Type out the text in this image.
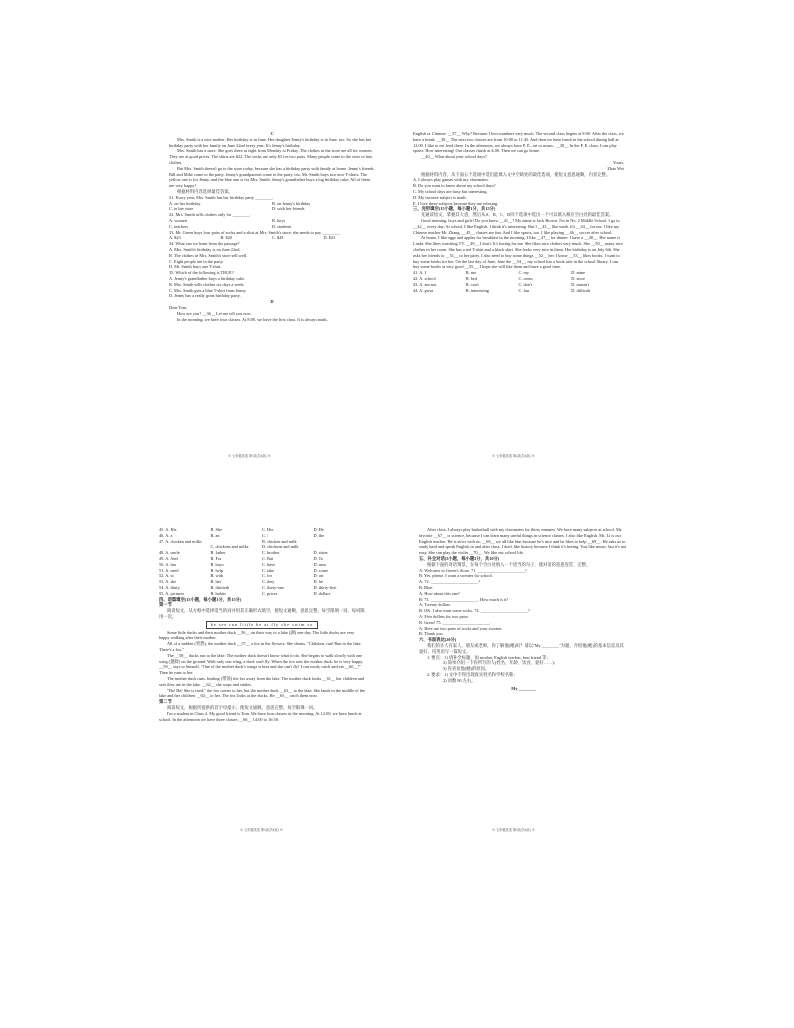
C

Mrs. Smith is a nice mother. Her birthday is in June. Her daughter Jenny's birthday is in June, too. So she has her birthday party with her family on June 22nd every year. It's Jenny's birthday.

Mrs. Smith has a store. She goes there at eight from Monday to Friday. The clothes in the store are all for women. They are at good prices. The skirts are $22. The socks are only $3 for two pairs. Many people come to the store to buy clothes.

But Mrs. Smith doesn't go to the store today, because she has a birthday party with family at home. Jenny's friends Bill and Mike come to the party. Jenny's grandparents come to the party, too. Mr. Smith buys two nice T-shirts. The yellow one is for Jenny, and the blue one is for Mrs. Smith. Jenny's grandfather buys a big birthday cake. All of them are very happy!

根据材料内容选择最佳答案。

31. Every year, Mrs. Smith has her birthday party ________.

A. on her birthday	B. on Jenny's birthday
C. in her store	D. with her friends

32. Mrs. Smith sells clothes only for ________.

A. women	B. boys
C. teachers	D. students

33. Mr. Green buys four pairs of socks and a skirt at Mrs. Smith's store, she needs to pay ________.

A. $23	B. $20	C. $28	D. $23

34. What can we learn from the passage?

A. Mrs. Smith's birthday is on June 22nd.

B. The clothes in Mrs. Smith's store sell well.

C. Eight people are in the party.

D. Mr. Smith buys one T-shirt.

35. Which of the following is TRUE?

A. Jenny's grandfather buys a birthday cake.

B. Mrs. Smith sells clothes six days a week.

C. Mrs. Smith gets a blue T-shirt from Jenny.

D. Jenny has a really great birthday party.

D

Dear Tom,

How are you? __36__ Let me tell you now.

In the morning, we have four classes. At 8:00, we have the first class. It is always math,

※ 七年级英语 第3页(共8页) ※

English or Chinese. __37__ Why? Because I love numbers very much. The second class begins at 9:00. After the class, we have a break. __38__ The next two classes are from 10:00 to 11:45. And then we have lunch in the school dining hall at 12:00. I like to eat food there. In the afternoon, we always have P. E., art or music. __39__ In the P. E. class, I can play sports. How interesting! Our classes finish at 4:00. Then we can go home.

__40__ What about your school days?

Yours,

Zhao Wei

根据材料内容，从下面五个选项中选出能填入文中空缺处的最佳选项，使短文意思通顺，内容完整。

A. I always play games with my classmates.

B. Do you want to know about my school days?

C. My school days are busy but interesting.

D. My favorite subject is math.

E. I love these subjects because they are relaxing.

三、完形填空(15小题，每小题1分，共15分)

先通读短文，掌握其大意，然后从A、B、C、D四个选项中选出一个可以填入相应空白处的最佳答案。

Good morning, boys and girls! Do you know __41__? My name is Jack Brown. I'm in No. 2 Middle School. I go to __42__ every day. At school, I like English. I think it's interesting. But I __43__ like math. It's __44__ for me. I like my Chinese teacher Mr. Zhang. __45__ classes are fun. And I like sports, too. I like playing __46__ soccer after school.

At home, I like eggs and apples for breakfast in the morning. I like __47__ for dinner. I have a __48__. Her name is Linda. She likes watching TV. __49__ I don't. It's boring for me. She likes nice clothes very much. She __50__ many nice clothes in her room. She has a red T-shirt and a black skirt. She looks very nice in them. Her birthday is on July 6th. She asks her friends to __51__ to her party. I also need to buy some things __52__ her. I know __53__ likes books. I want to buy some books for her. On the last day of June, June the __54__, my school has a book sale in the school library. I can buy some books at very good __55__. I hope she will like them and have a good time.

41. A. I	B. me	C. my	D. mine
42. A. school	B. bed	C. room	D. store
43. A. am not	B. can't	C. don't	D. mustn't
44. A. great	B. interesting	C. fun	D. difficult
※ 七年级英语 第4页(共8页) ※
45. A. His	B. She	C. Her	D. He
46. A. a	B. an	C. /	D. the
47. A. chicken and milks	B. chicken and milk
C. chickens and milks	D. chickens and milk
48. A. uncle	B. father	C. brother	D. sister
49. A. And	B. For	C. But	D. To
50. A. has	B. buys	C. have	D. runs
51. A. need	B. help	C. take	D. come
52. A. to	B. with	C. for	D. on
53. A. she	B. her	C. they	D. he
54. A. thirty	B. thirtieth	C. thirty-one	D. thirty-first
55. A. pictures	B. habits	C. prices	D. dollars

四、语篇填空(15小题，每小题1分，共15分)

第一节

阅读短文，从方框中选择适当的词并用其正确形式填空，使短文通顺，意思完整。每空限填一词，每词限用一次。

be see run little he at fly she swim so

Some little ducks and their mother duck __56__ on their way to a lake (湖) one day. The little ducks are very happy walking after their mother.

All of a sudden (突然), the mother duck __57__ a fox in the flowers. She shouts, "Children, run! Run to the lake. There's a fox."

The __58__ ducks run to the lake. The mother duck doesn't know what to do. She begins to walk slowly with one wing (翅膀) on the ground. With only one wing, a duck can't fly. When the fox sees the mother duck, he is very happy. __59__ says to himself, "One of the mother duck's wings is hurt and she can't fly! I can easily catch and eat __60__!" Then he runs to her.

The mother duck runs, leading (带领) the fox away from the lake. The mother duck looks __61__ her children and sees they are in the lake. __62__ she stops and smiles.

"Ha! Ha! She is tired," the fox comes to her, but the mother duck __63__ to the lake. She lands in the middle of the lake and her children __64__ to her. The fox looks at the ducks. He __65__ catch them now.

第二节

阅读短文，根据所提供的首字母提示，使短文通顺，意思完整。每空限填一词。

I'm a student in Class 4. My good friend is Tom. We have four classes in the morning. At 12:00, we have lunch at school. In the afternoon we have three classes __66__ 14:00 to 16:30.

※ 七年级英语 第5页(共8页) ※

After class, I always play basketball with my classmates for thirty minutes. We have many subjects at school. My favorite __67__ is science, because I can learn many useful things in science classes. I also like English. Mr. Li is our English teacher. He is strict with us, __68__ we all like him because he's nice and he likes to help __69__. He asks us to study hard and speak English in and after class. I don't like history because I think it's boring. You like music, but it's not easy. She can play the violin __70__. We like our school life.

五、补全对话(5小题，每小题2分，共10分)

根据下面的对话情景，在每个空白处填入一个适当的句子，使对话的意思连贯、完整。

A: Welcome to Green's Store. 71. ______________________?

B: Yes, please. I want a sweater for school.

A: 72. ______________________?

B: Blue.

A: How about this one?

B: 73. ______________________. How much is it?

A: Twenty dollars.

B: OK. I also want some socks. 74. ______________________?

A: Five dollars for two pairs.

B: Great! 75. ______________________.

A: Here are two pairs of socks and your sweater.

B: Thank you.

六、书面表达(20分)

我们的亲人有家人、朋友或老师，你了解他(她)吗？请以"My ________"为题，介绍他(她)的基本信息及其爱好，用英语写一篇短文。

1. 要点：1) 请补全标题，如 mother, English teacher, best friend 等；

2) 简单介绍一下你所写的人(姓名、年龄、饮食、爱好……)；

3) 你喜欢他(她)的原因。

2. 要求：1) 文中不得出现真实姓名和学校名称；

2) 词数 80 左右。

My ________

※ 七年级英语 第6页(共8页) ※
